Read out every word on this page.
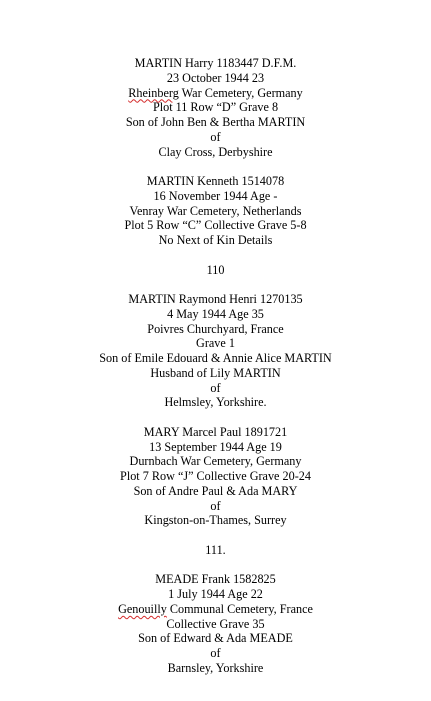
MARTIN Harry 1183447 D.F.M.
23 October 1944 23
Rheinberg War Cemetery, Germany
Plot 11 Row “D” Grave 8
Son of John Ben & Bertha MARTIN
of
Clay Cross, Derbyshire
MARTIN Kenneth 1514078
16 November 1944 Age -
Venray War Cemetery, Netherlands
Plot 5 Row “C” Collective Grave 5-8
No Next of Kin Details
110
MARTIN Raymond Henri 1270135
4 May 1944 Age 35
Poivres Churchyard, France
Grave 1
Son of Emile Edouard & Annie Alice MARTIN
Husband of Lily MARTIN
of
Helmsley, Yorkshire.
MARY Marcel Paul 1891721
13 September 1944 Age 19
Durnbach War Cemetery, Germany
Plot 7 Row “J” Collective Grave 20-24
Son of Andre Paul & Ada MARY
of
Kingston-on-Thames, Surrey
111.
MEADE Frank 1582825
1 July 1944 Age 22
Genouilly Communal Cemetery, France
Collective Grave 35
Son of Edward & Ada MEADE
of
Barnsley, Yorkshire
